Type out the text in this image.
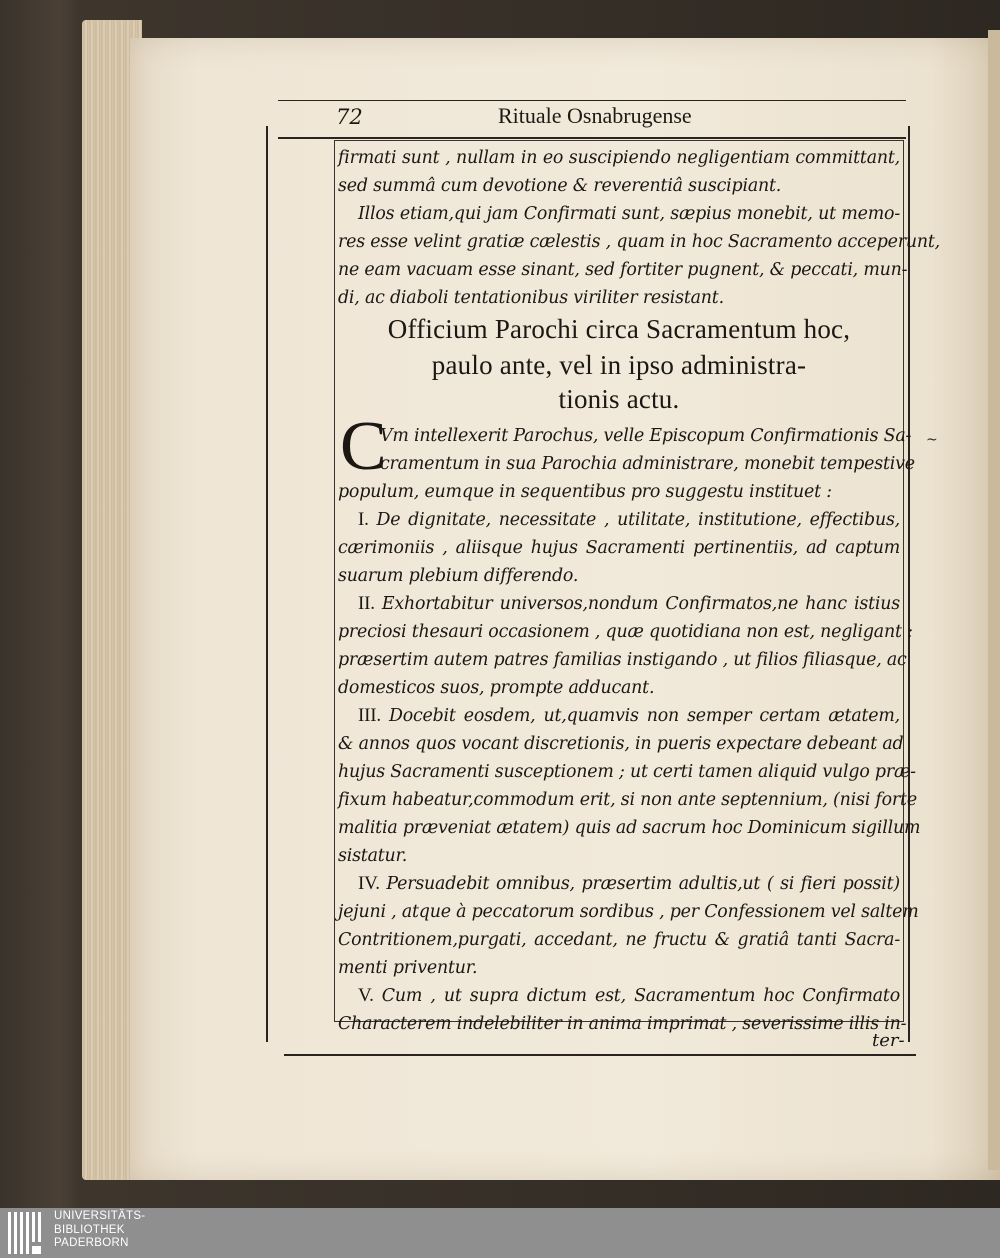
72	Rituale Osnabrugense
firmati sunt , nullam in eo suscipiendo negligentiam committant,
sed summâ cum devotione & reverentiâ suscipiant.
Illos etiam,qui jam Confirmati sunt, sæpius monebit, ut memo-
res esse velint gratiæ cælestis , quam in hoc Sacramento acceperunt,
ne eam vacuam esse sinant, sed fortiter pugnent, & peccati, mun-
di, ac diaboli tentationibus viriliter resistant.
Vm intellexerit Parochus, velle Episcopum Confirmationis Sa-
cramentum in sua Parochia administrare, monebit tempestive
populum, eumque in sequentibus pro suggestu instituet :
I. De dignitate, necessitate , utilitate, institutione, effectibus,
cærimoniis , aliisque hujus Sacramenti pertinentiis, ad captum
suarum plebium differendo.
II. Exhortabitur universos,nondum Confirmatos,ne hanc istius
preciosi thesauri occasionem , quæ quotidiana non est, negligant :
præsertim autem patres familias instigando , ut filios filiasque, ac
domesticos suos, prompte adducant.
III. Docebit eosdem, ut,quamvis non semper certam ætatem,
& annos quos vocant discretionis, in pueris expectare debeant ad
hujus Sacramenti susceptionem ; ut certi tamen aliquid vulgo præ-
fixum habeatur,commodum erit, si non ante septennium, (nisi forte
malitia præveniat ætatem) quis ad sacrum hoc Dominicum sigillum
sistatur.
IV. Persuadebit omnibus, præsertim adultis,ut ( si fieri possit)
jejuni , atque à peccatorum sordibus , per Confessionem vel saltem
Contritionem,purgati, accedant, ne fructu & gratiâ tanti Sacra-
menti priventur.
V. Cum , ut supra dictum est, Sacramentum hoc Confirmato
Characterem indelebiliter in anima imprimat , severissime illis in-
Officium Parochi circa Sacramentum hoc,
paulo ante, vel in ipso administra-
tionis actu.
C
ter-
~
UNIVERSITÄTS-
BIBLIOTHEK
PADERBORN
